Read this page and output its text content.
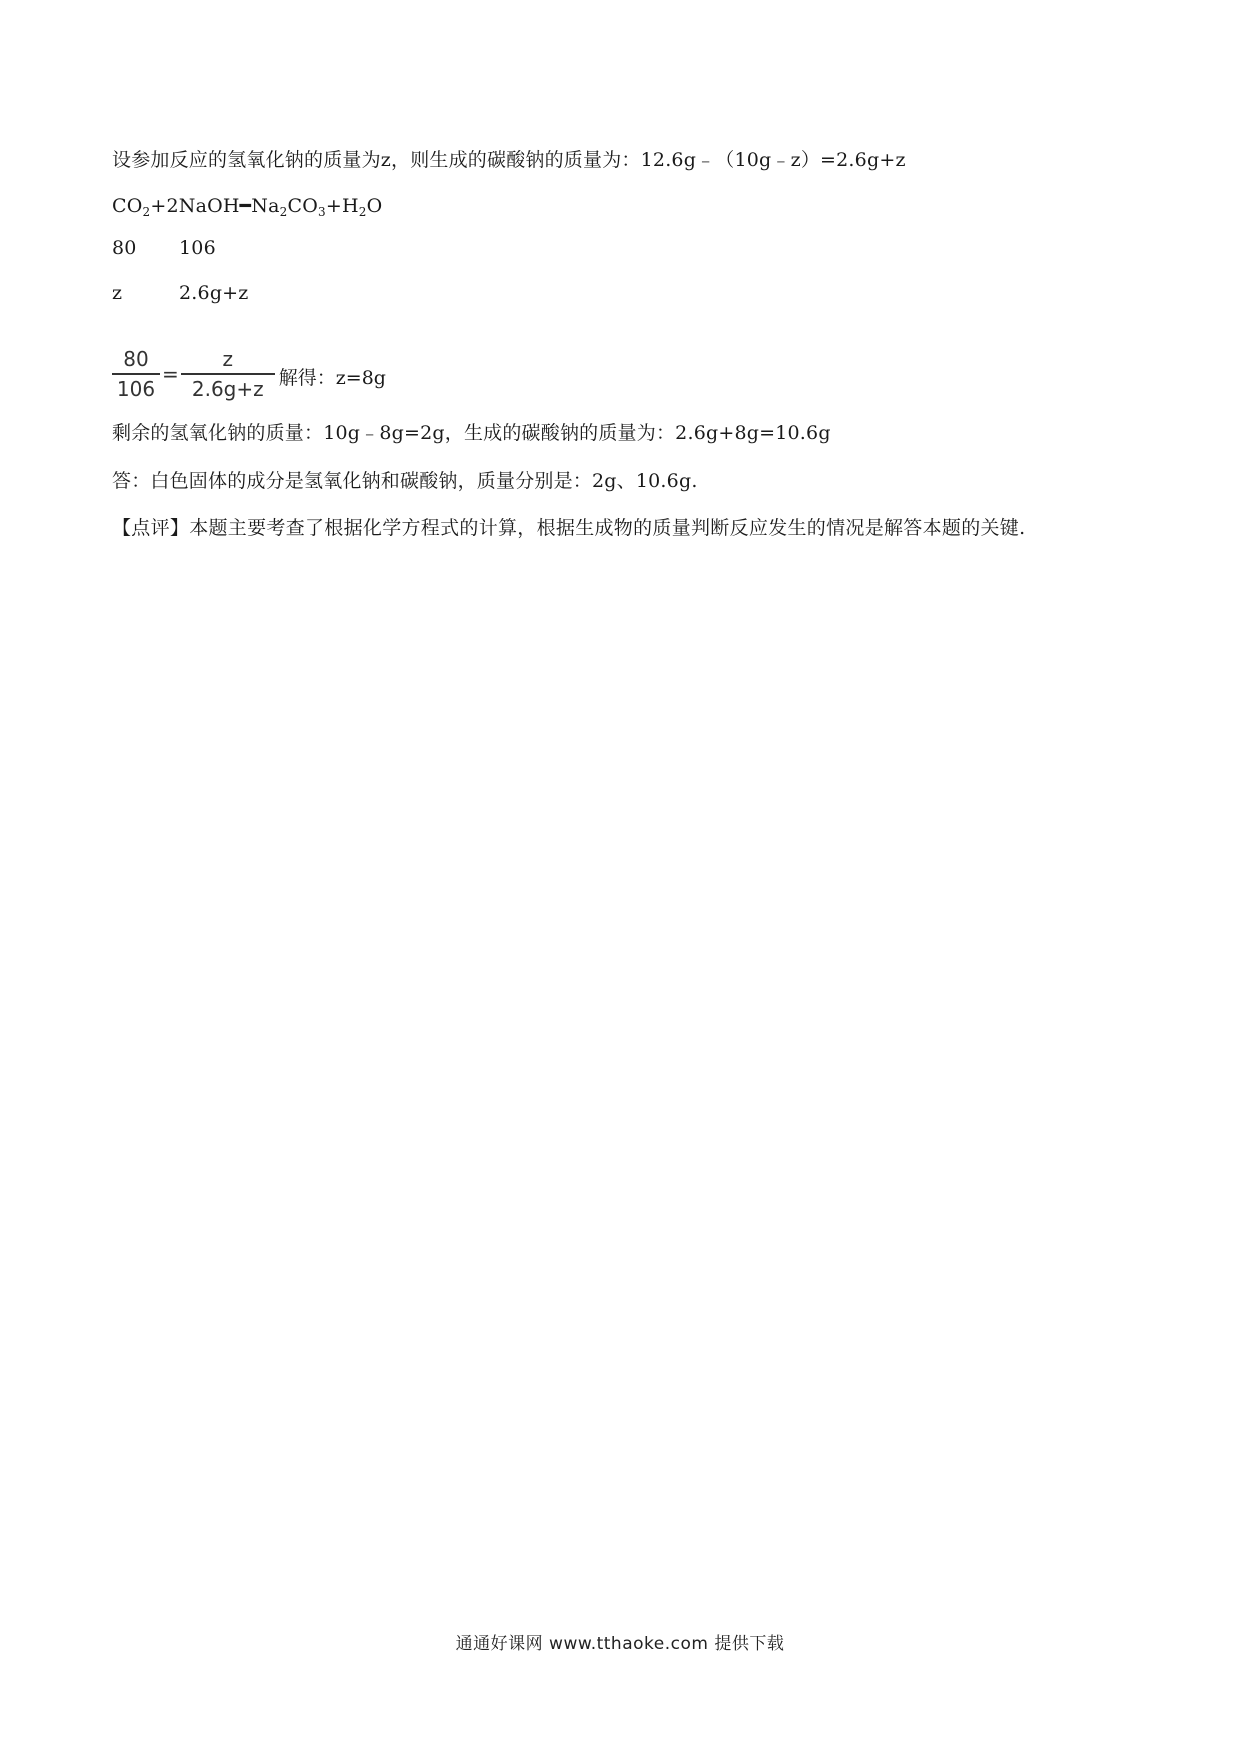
设参加反应的氢氧化钠的质量为z，则生成的碳酸钠的质量为：12.6g﹣（10g﹣z）=2.6g+z
$CO_2+2NaOH━Na_2CO_3+H_2O$
80 106
z	2.6g+z
$\frac{80}{106} = \frac{z}{2.6g+z}$ 解得：z=8g
剩余的氢氧化钠的质量：10g﹣8g=2g，生成的碳酸钠的质量为：2.6g+8g=10.6g
答：白色固体的成分是氢氧化钠和碳酸钠，质量分别是：2g、10.6g.
【点评】本题主要考查了根据化学方程式的计算，根据生成物的质量判断反应发生的情况是解答本题的关键.
通通好课网 www.tthaoke.com 提供下载
